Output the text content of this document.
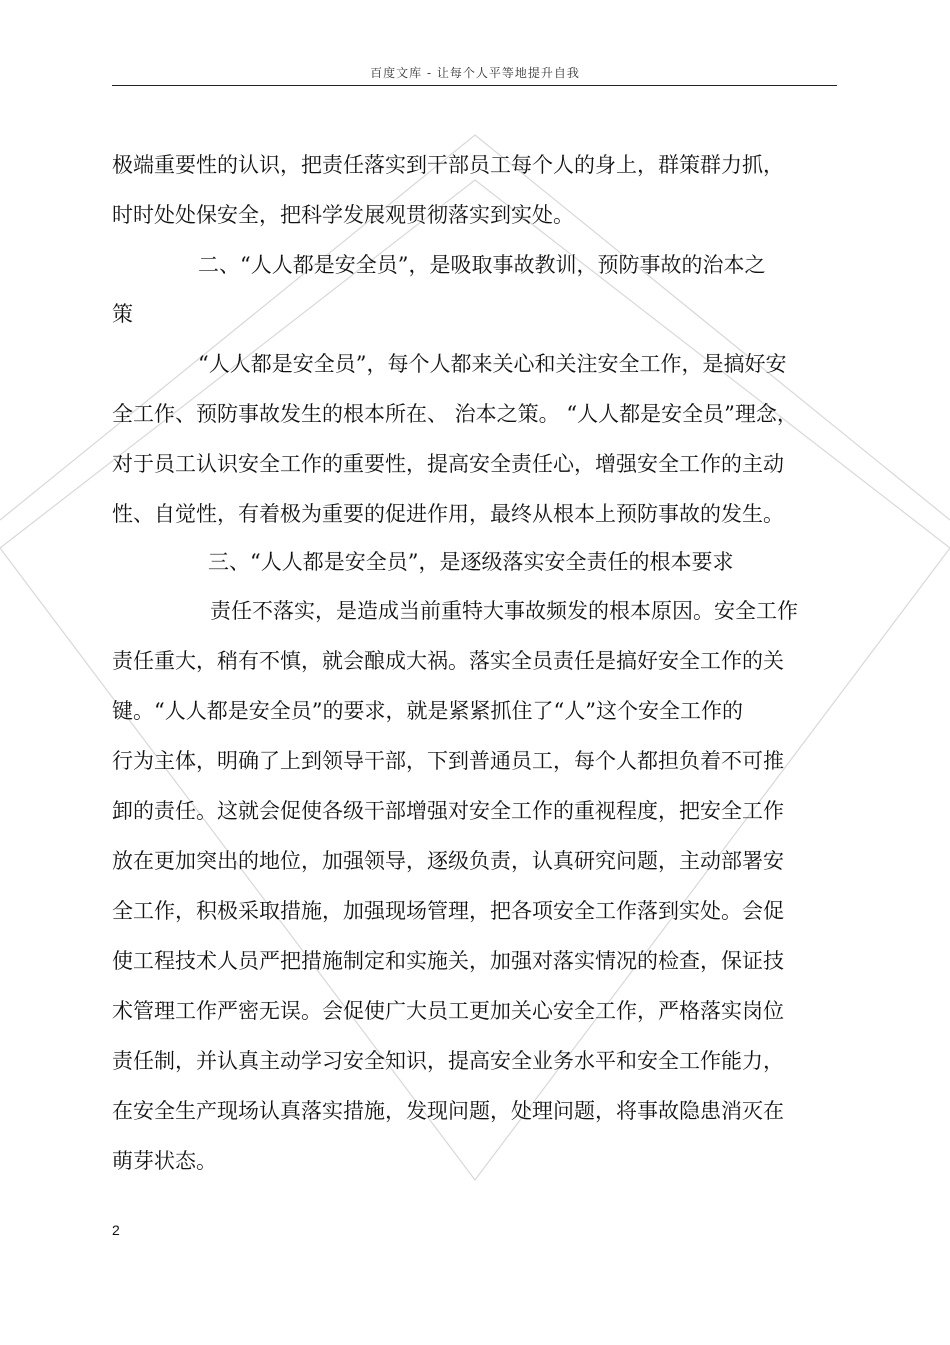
百度文库 - 让每个人平等地提升自我
极端重要性的认识，把责任落实到干部员工每个人的身上，群策群力抓，
时时处处保安全，把科学发展观贯彻落实到实处。
二、“人人都是安全员”，是吸取事故教训，预防事故的治本之
策
“人人都是安全员”，每个人都来关心和关注安全工作，是搞好安
全工作、预防事故发生的根本所在、 治本之策。 “人人都是安全员”理念，
对于员工认识安全工作的重要性，提高安全责任心，增强安全工作的主动
性、自觉性，有着极为重要的促进作用，最终从根本上预防事故的发生。
三、“人人都是安全员”，是逐级落实安全责任的根本要求
责任不落实，是造成当前重特大事故频发的根本原因。安全工作
责任重大，稍有不慎，就会酿成大祸。落实全员责任是搞好安全工作的关
键。“人人都是安全员”的要求，就是紧紧抓住了“人”这个安全工作的
行为主体，明确了上到领导干部，下到普通员工，每个人都担负着不可推
卸的责任。这就会促使各级干部增强对安全工作的重视程度，把安全工作
放在更加突出的地位，加强领导，逐级负责，认真研究问题，主动部署安
全工作，积极采取措施，加强现场管理，把各项安全工作落到实处。会促
使工程技术人员严把措施制定和实施关，加强对落实情况的检查，保证技
术管理工作严密无误。会促使广大员工更加关心安全工作，严格落实岗位
责任制，并认真主动学习安全知识，提高安全业务水平和安全工作能力，
在安全生产现场认真落实措施，发现问题，处理问题，将事故隐患消灭在
萌芽状态。
2
